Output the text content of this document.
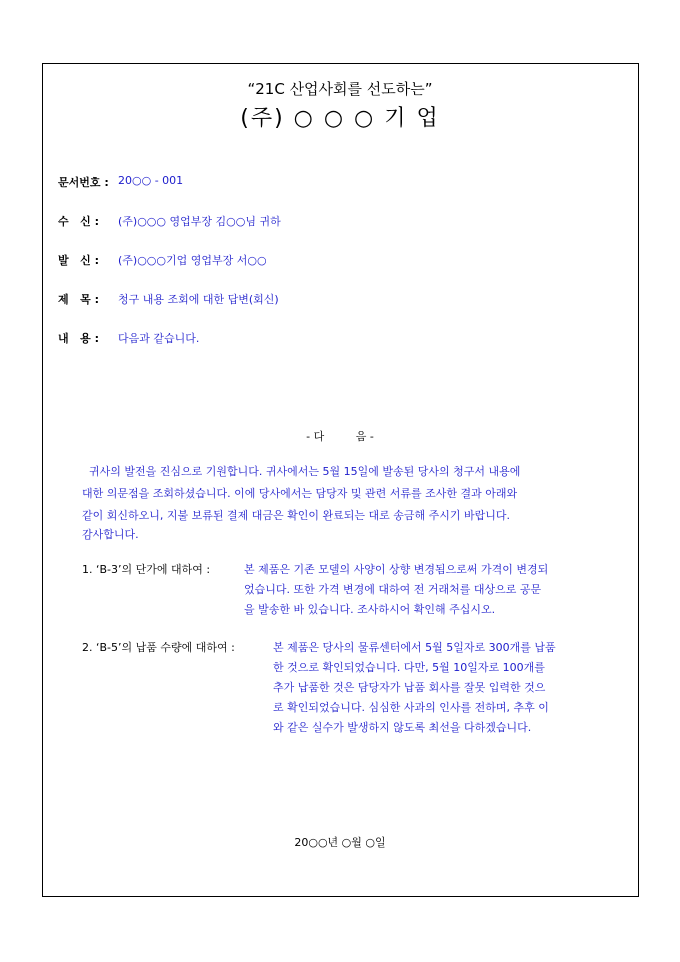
“21C 산업사회를 선도하는”
(주) ○ ○ ○ 기 업
문서번호 : 20○○ - 001
수   신 : (주)○○○ 영업부장 김○○님 귀하
발   신 : (주)○○○기업 영업부장 서○○
제   목 : 청구 내용 조회에 대한 답변(회신)
내   용 : 다음과 같습니다.
- 다         음 -
귀사의 발전을 진심으로 기원합니다. 귀사에서는 5월 15일에 발송된 당사의 청구서 내용에
대한 의문점을 조회하셨습니다. 이에 당사에서는 담당자 및 관련 서류를 조사한 결과 아래와
같이 회신하오니, 지불 보류된 결제 대금은 확인이 완료되는 대로 송금해 주시기 바랍니다.
감사합니다.
1. ‘B-3’의 단가에 대하여 :	본 제품은 기존 모델의 사양이 상향 변경됨으로써 가격이 변경되
었습니다. 또한 가격 변경에 대하여 전 거래처를 대상으로 공문
을 발송한 바 있습니다. 조사하시어 확인해 주십시오.
2. ‘B-5’의 납품 수량에 대하여 :	본 제품은 당사의 물류센터에서 5월 5일자로 300개를 납품
한 것으로 확인되었습니다. 다만, 5월 10일자로 100개를
추가 납품한 것은 담당자가 납품 회사를 잘못 입력한 것으
로 확인되었습니다. 심심한 사과의 인사를 전하며, 추후 이
와 같은 실수가 발생하지 않도록 최선을 다하겠습니다.
20○○년 ○월 ○일
